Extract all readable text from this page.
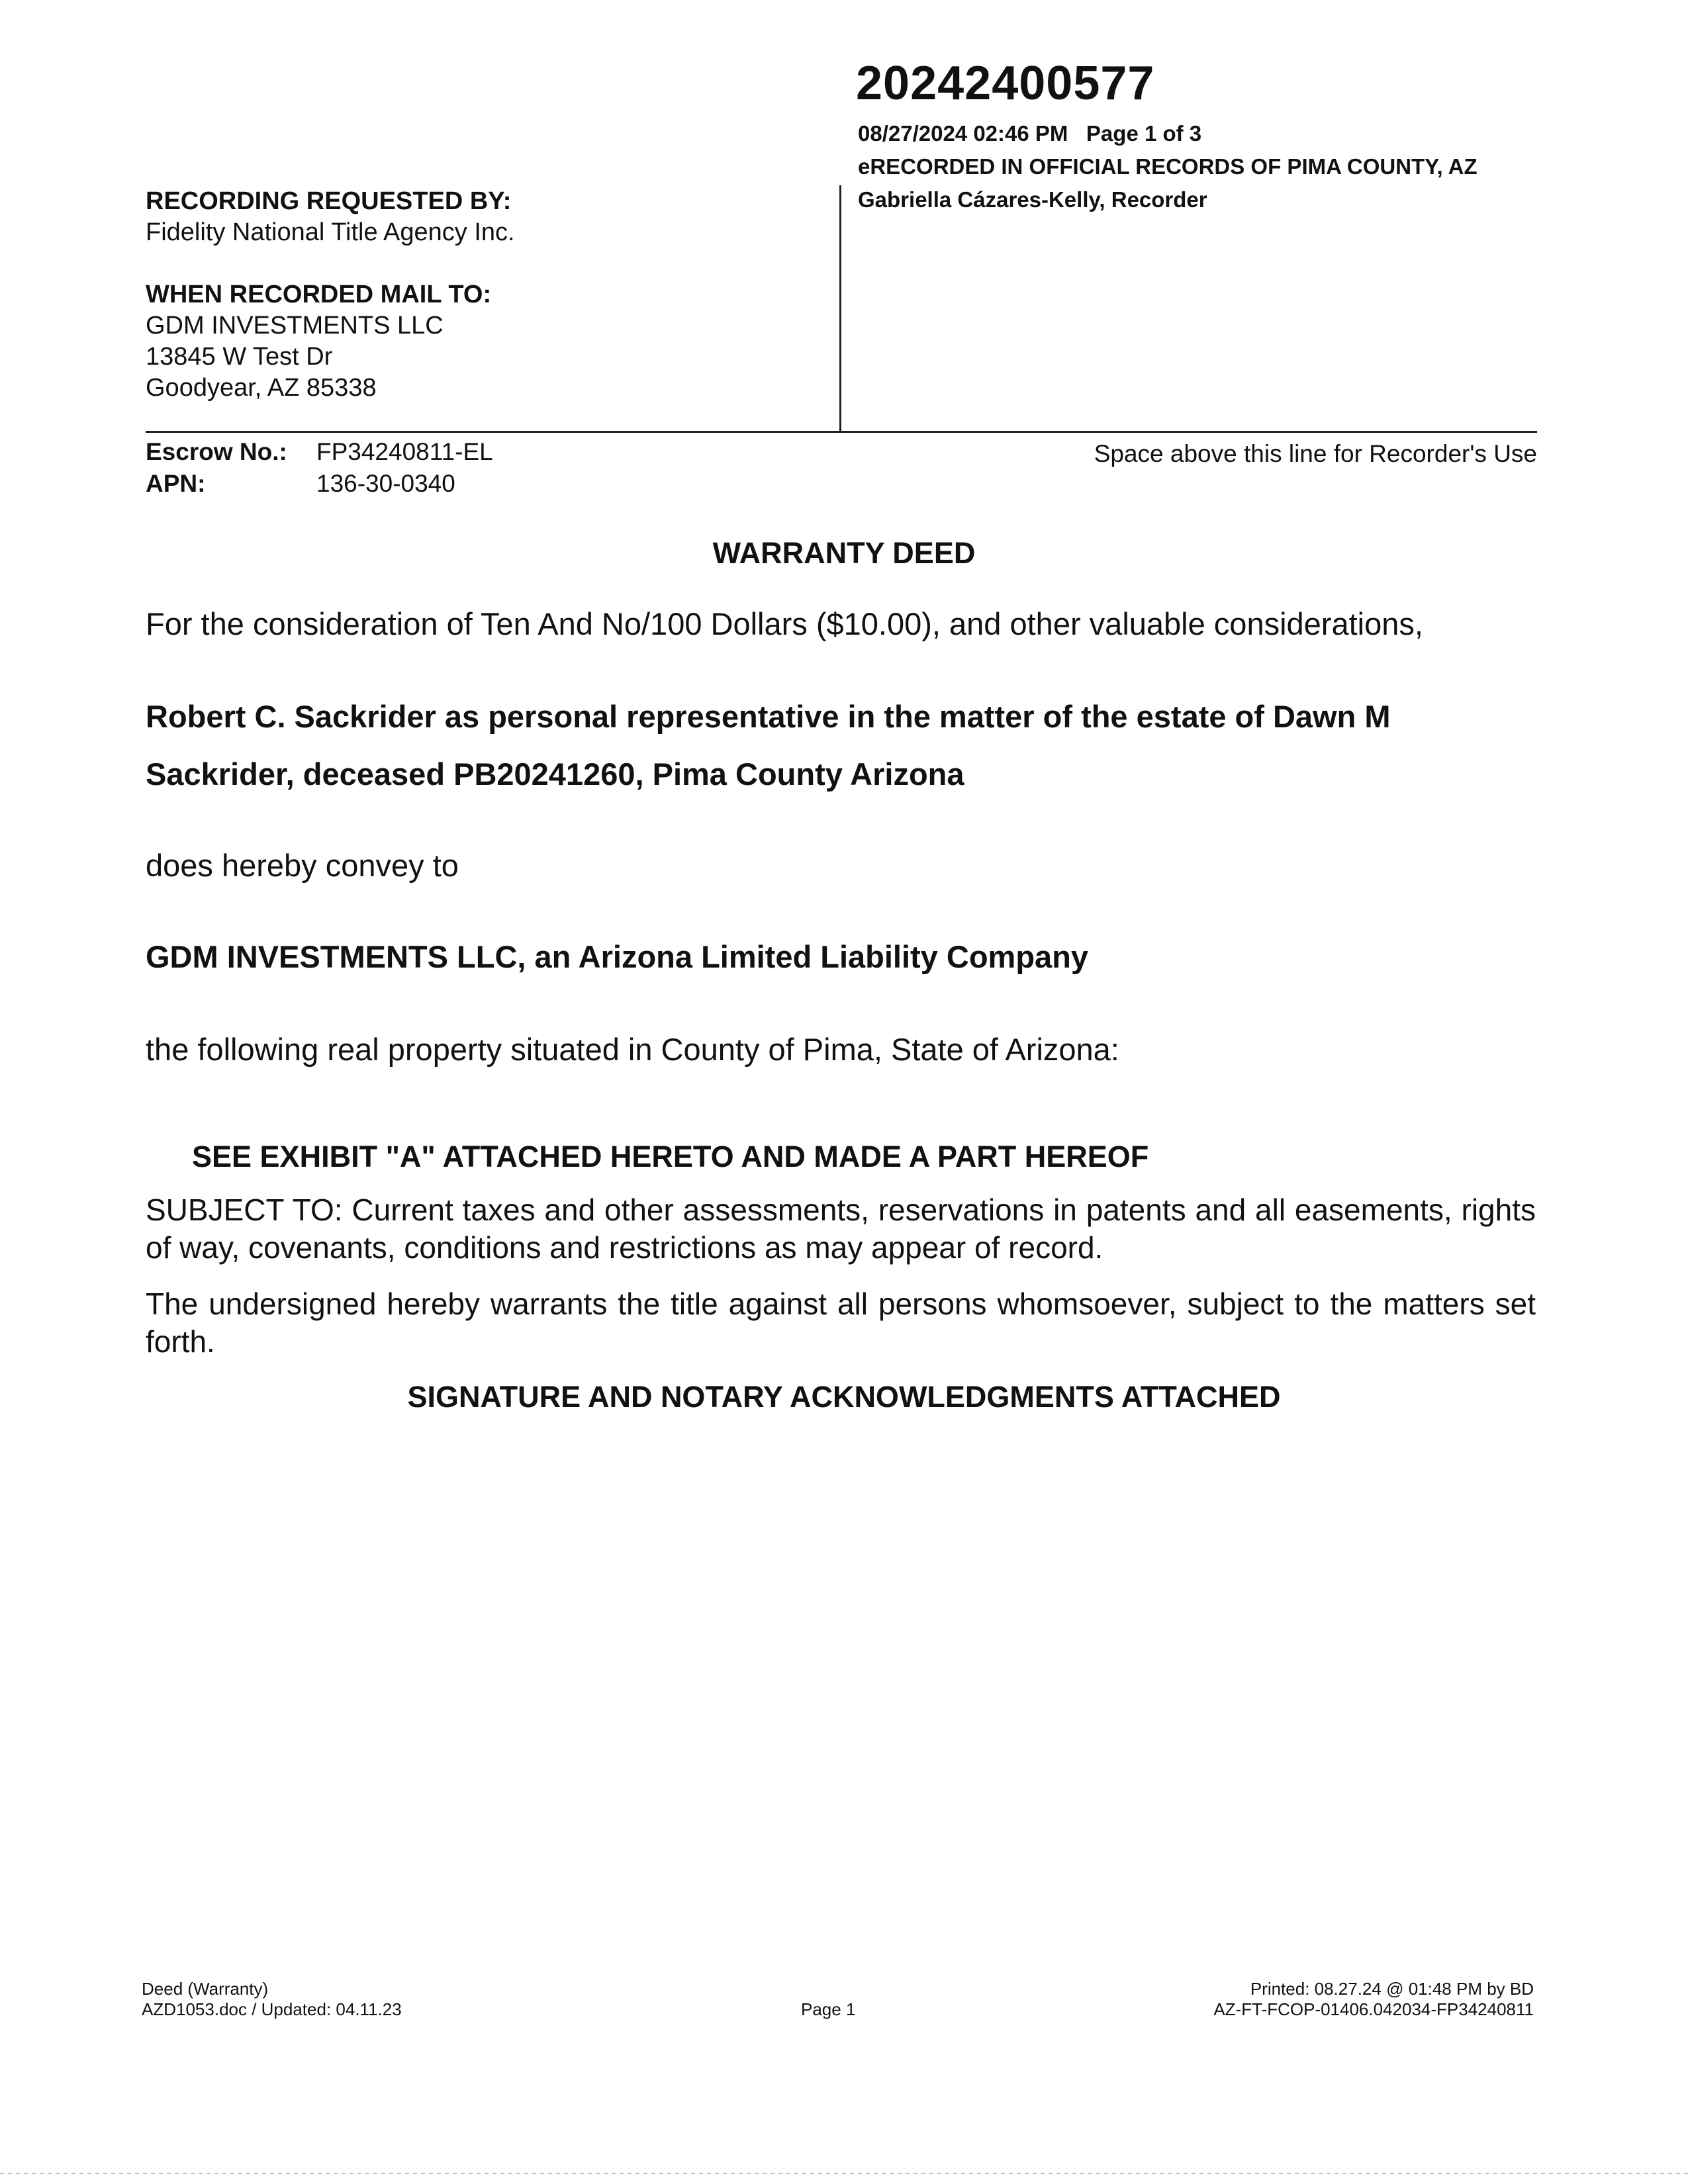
20242400577
08/27/2024 02:46 PM Page 1 of 3
eRECORDED IN OFFICIAL RECORDS OF PIMA COUNTY, AZ
Gabriella Cázares-Kelly, Recorder
RECORDING REQUESTED BY:
Fidelity National Title Agency Inc.
WHEN RECORDED MAIL TO:
GDM INVESTMENTS LLC
13845 W Test Dr
Goodyear, AZ 85338
Escrow No.: FP34240811-EL
APN:	136-30-0340
Space above this line for Recorder's Use
WARRANTY DEED
For the consideration of Ten And No/100 Dollars ($10.00), and other valuable considerations,
Robert C. Sackrider as personal representative in the matter of the estate of Dawn M
Sackrider, deceased PB20241260, Pima County Arizona
does hereby convey to
GDM INVESTMENTS LLC, an Arizona Limited Liability Company
the following real property situated in County of Pima, State of Arizona:
SEE EXHIBIT "A" ATTACHED HERETO AND MADE A PART HEREOF
SUBJECT TO: Current taxes and other assessments, reservations in patents and all easements, rights of way, covenants, conditions and restrictions as may appear of record.
The undersigned hereby warrants the title against all persons whomsoever, subject to the matters set forth.
SIGNATURE AND NOTARY ACKNOWLEDGMENTS ATTACHED
Deed (Warranty)
AZD1053.doc / Updated: 04.11.23	Page 1
Printed: 08.27.24 @ 01:48 PM by BD
AZ-FT-FCOP-01406.042034-FP34240811
